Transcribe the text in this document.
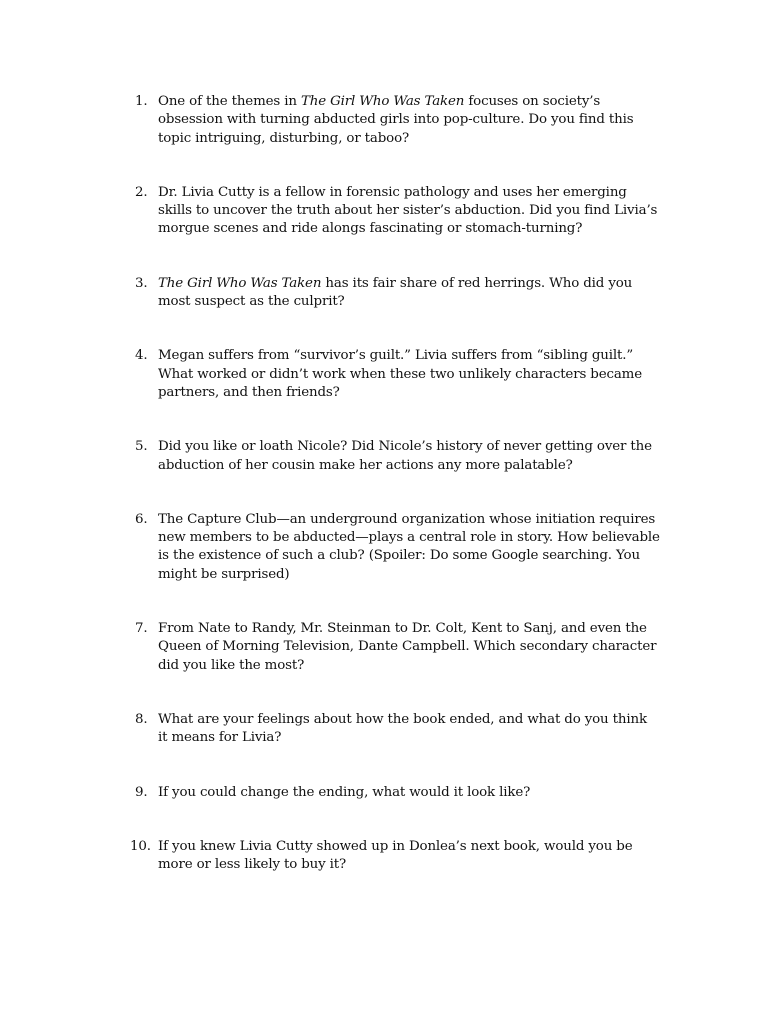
1. One of the themes in The Girl Who Was Taken focuses on society’s obsession with turning abducted girls into pop-culture. Do you find this topic intriguing, disturbing, or taboo?
2. Dr. Livia Cutty is a fellow in forensic pathology and uses her emerging skills to uncover the truth about her sister’s abduction. Did you find Livia’s morgue scenes and ride alongs fascinating or stomach-turning?
3. The Girl Who Was Taken has its fair share of red herrings. Who did you most suspect as the culprit?
4. Megan suffers from “survivor’s guilt.” Livia suffers from “sibling guilt.” What worked or didn’t work when these two unlikely characters became partners, and then friends?
5. Did you like or loath Nicole? Did Nicole’s history of never getting over the abduction of her cousin make her actions any more palatable?
6. The Capture Club—an underground organization whose initiation requires new members to be abducted—plays a central role in story. How believable is the existence of such a club? (Spoiler: Do some Google searching. You might be surprised)
7. From Nate to Randy, Mr. Steinman to Dr. Colt, Kent to Sanj, and even the Queen of Morning Television, Dante Campbell. Which secondary character did you like the most?
8. What are your feelings about how the book ended, and what do you think it means for Livia?
9. If you could change the ending, what would it look like?
10. If you knew Livia Cutty showed up in Donlea’s next book, would you be more or less likely to buy it?
